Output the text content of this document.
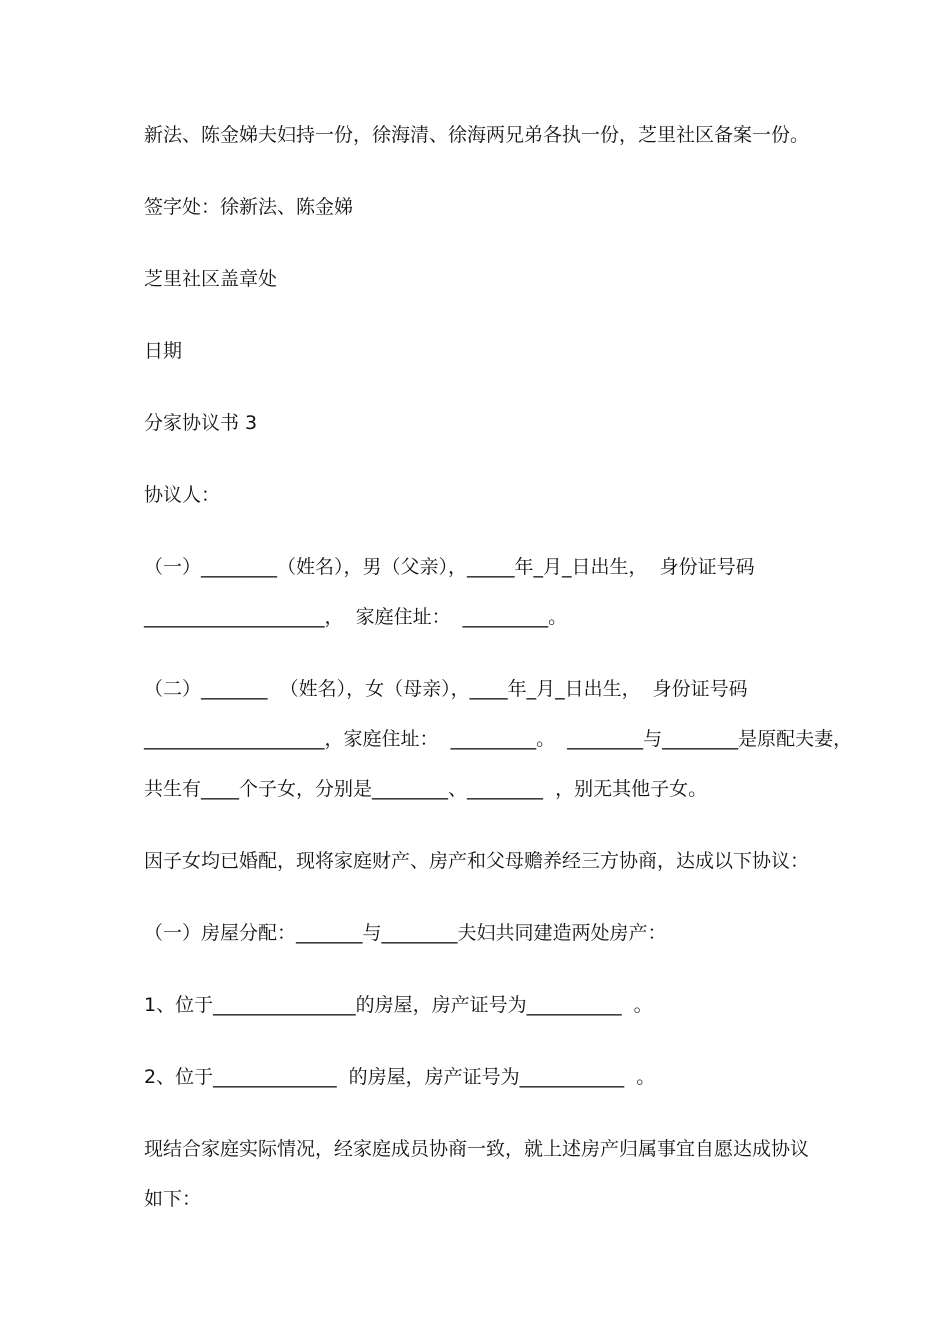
新法、陈金娣夫妇持一份，徐海清、徐海两兄弟各执一份，芝里社区备案一份。
签字处：徐新法、陈金娣
芝里社区盖章处
日期
分家协议书 3
协议人：
（一）________（姓名），男（父亲），_____年_月_日出生，  身份证号码
___________________，  家庭住址：  _________。
（二）_______  （姓名），女（母亲），____年_月_日出生，  身份证号码
___________________，家庭住址：  _________。  ________与________是原配夫妻，
共生有____个子女，分别是________、________  ，别无其他子女。
因子女均已婚配，现将家庭财产、房产和父母赡养经三方协商，达成以下协议：
（一）房屋分配：_______与________夫妇共同建造两处房产：
1、位于_______________的房屋，房产证号为__________  。
2、位于_____________  的房屋，房产证号为___________  。
现结合家庭实际情况，经家庭成员协商一致，就上述房产归属事宜自愿达成协议
如下：
